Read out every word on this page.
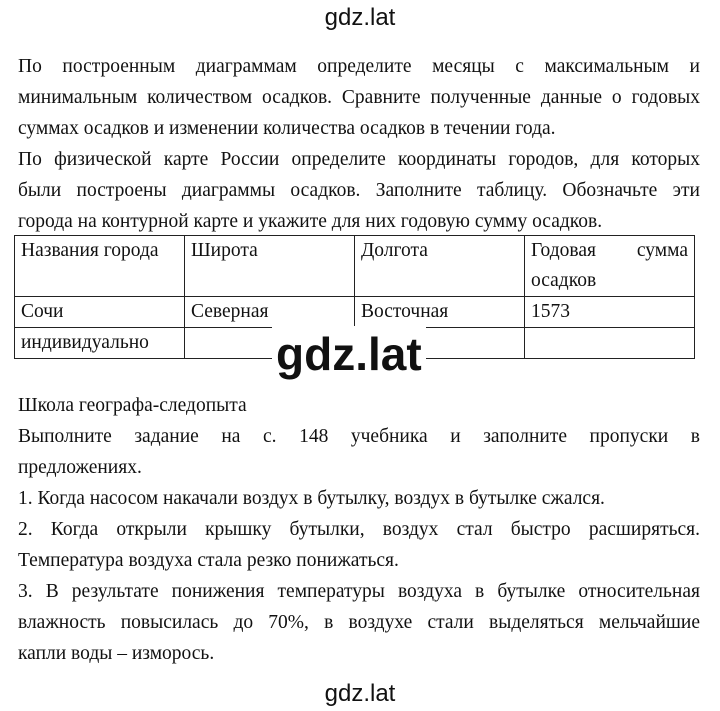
gdz.lat
По построенным диаграммам определите месяцы с максимальным и
минимальным количеством осадков. Сравните полученные данные о годовых
суммах осадков и изменении количества осадков в течении года.
По физической карте России определите координаты городов, для которых
были построены диаграммы осадков. Заполните таблицу. Обозначьте эти
города на контурной карте и укажите для них годовую сумму осадков.
Названия города	Широта	Долгота	Годовая сумма
осадков

Сочи	Северная	Восточная	1573
индивидуально				gdz.lat
Школа географа-следопыта
Выполните задание на с. 148 учебника и заполните пропуски в
предложениях.
1. Когда насосом накачали воздух в бутылку, воздух в бутылке сжался.
2. Когда открыли крышку бутылки, воздух стал быстро расширяться.
Температура воздуха стала резко понижаться.
3. В результате понижения температуры воздуха в бутылке относительная
влажность повысилась до 70%, в воздухе стали выделяться мельчайшие
капли воды – изморось.
gdz.lat
